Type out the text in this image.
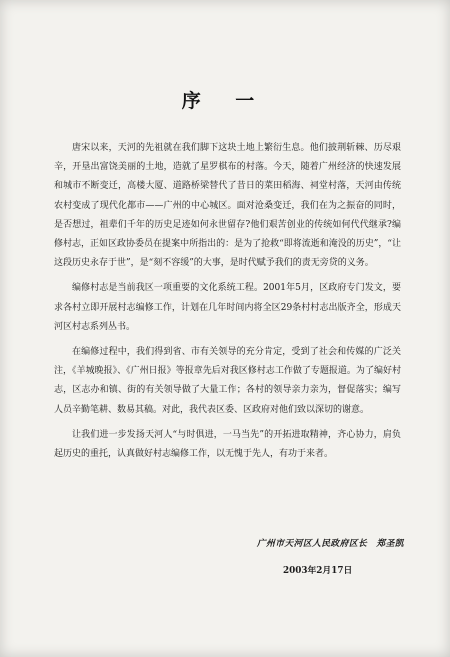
序 一

唐宋以来，天河的先祖就在我们脚下这块土地上繁衍生息。他们披荆斩棘、历尽艰辛，开垦出富饶美丽的土地，造就了星罗棋布的村落。今天，随着广州经济的快速发展和城市不断变迁，高楼大厦、道路桥梁替代了昔日的菜田稻海、祠堂村落，天河由传统农村变成了现代化都市——广州的中心城区。面对沧桑变迁，我们在为之振奋的同时，是否想过，祖辈们千年的历史足迹如何永世留存?他们艰苦创业的传统如何代代继承?编修村志，正如区政协委员在提案中所指出的：是为了抢救“即将流逝和淹没的历史”，“让这段历史永存于世”，是“刻不容缓”的大事，是时代赋予我们的责无旁贷的义务。

编修村志是当前我区一项重要的文化系统工程。2001年5月，区政府专门发文，要求各村立即开展村志编修工作，计划在几年时间内将全区29条村村志出版齐全，形成天河区村志系列丛书。

在编修过程中，我们得到省、市有关领导的充分肯定，受到了社会和传媒的广泛关注，《羊城晚报》、《广州日报》等报章先后对我区修村志工作做了专题报道。为了编好村志，区志办和镇、街的有关领导做了大量工作；各村的领导亲力亲为，督促落实；编写人员辛勤笔耕、数易其稿。对此，我代表区委、区政府对他们致以深切的谢意。

让我们进一步发扬天河人“与时俱进，一马当先”的开拓进取精神，齐心协力，肩负起历史的重托，认真做好村志编修工作，以无愧于先人，有功于来者。

广州市天河区人民政府区长　郑圣凯
2003年2月17日
